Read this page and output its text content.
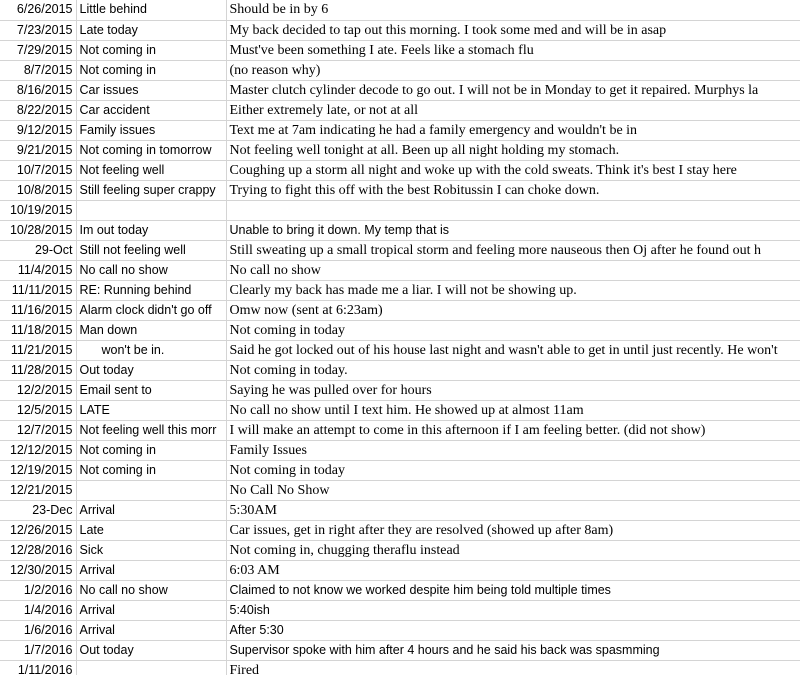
6/26/2015	Little behind	Should be in by 6
7/23/2015	Late today	My back decided to tap out this morning. I took some med and will be in asap
7/29/2015	Not coming in	Must've been something I ate. Feels like a stomach flu
8/7/2015	Not coming in	(no reason why)
8/16/2015	Car issues	Master clutch cylinder decode to go out. I will not be in Monday to get it repaired. Murphys la
8/22/2015	Car accident	Either extremely late, or not at all
9/12/2015	Family issues	Text me at 7am indicating he had a family emergency and wouldn't be in
9/21/2015	Not coming in tomorrow	Not feeling well tonight at all. Been up all night holding my stomach.
10/7/2015	Not feeling well	Coughing up a storm all night and woke up with the cold sweats. Think it's best I stay here
10/8/2015	Still feeling super crappy	Trying to fight this off with the best Robitussin I can choke down.
10/19/2015		
10/28/2015	Im out today	Unable to bring it down. My temp that is
29-Oct	Still not feeling well	Still sweating up a small tropical storm and feeling more nauseous then Oj after he found out h
11/4/2015	No call no show	No call no show
11/11/2015	RE: Running behind	Clearly my back has made me a liar. I will not be showing up.
11/16/2015	Alarm clock didn't go off	Omw now (sent at 6:23am)
11/18/2015	Man down	Not coming in today
11/21/2015	won't be in.	Said he got locked out of his house last night and wasn't able to get in until just recently. He won't
11/28/2015	Out today	Not coming in today.
12/2/2015	Email sent to	Saying he was pulled over for hours
12/5/2015	LATE	No call no show until I text him. He showed up at almost 11am
12/7/2015	Not feeling well this morr	I will make an attempt to come in this afternoon if I am feeling better. (did not show)
12/12/2015	Not coming in	Family Issues
12/19/2015	Not coming in	Not coming in today
12/21/2015		No Call No Show
23-Dec	Arrival	5:30AM
12/26/2015	Late	Car issues, get in right after they are resolved (showed up after 8am)
12/28/2016	Sick	Not coming in, chugging theraflu instead
12/30/2015	Arrival	6:03 AM
1/2/2016	No call no show	Claimed to not know we worked despite him being told multiple times
1/4/2016	Arrival	5:40ish
1/6/2016	Arrival	After 5:30
1/7/2016	Out today	Supervisor spoke with him after 4 hours and he said his back was spasmming
1/11/2016		Fired
